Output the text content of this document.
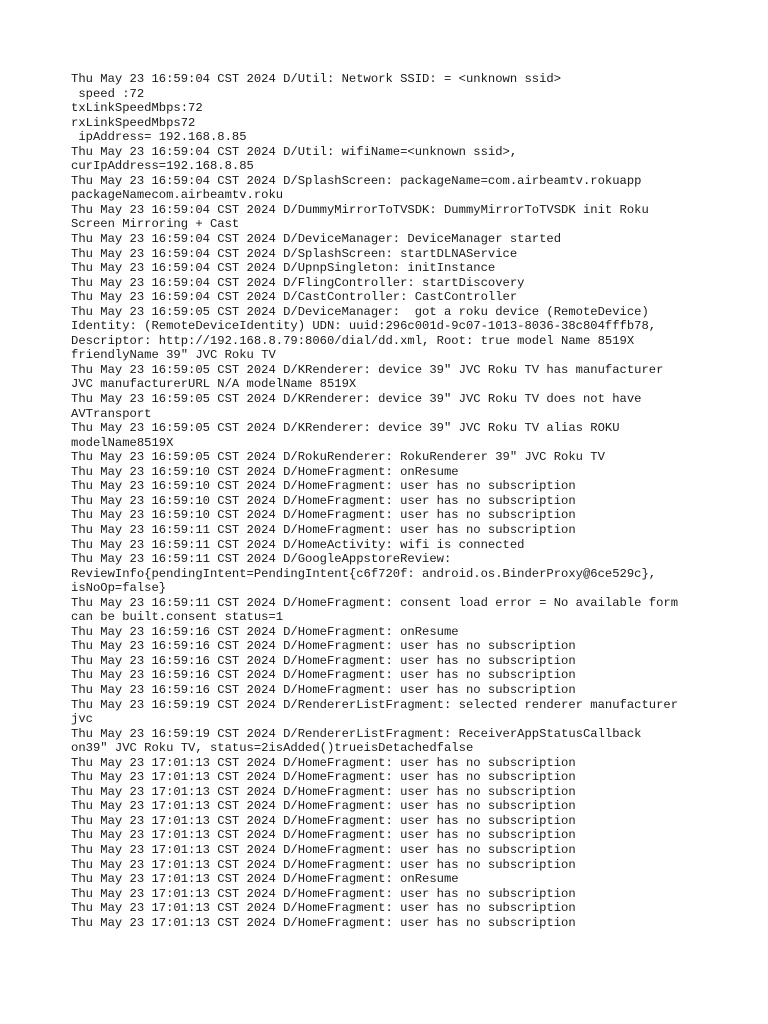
Thu May 23 16:59:04 CST 2024 D/Util: Network SSID: = <unknown ssid>
speed :72
txLinkSpeedMbps:72
rxLinkSpeedMbps72
ipAddress= 192.168.8.85
Thu May 23 16:59:04 CST 2024 D/Util: wifiName=<unknown ssid>,
curIpAddress=192.168.8.85
Thu May 23 16:59:04 CST 2024 D/SplashScreen: packageName=com.airbeamtv.rokuapp
packageNamecom.airbeamtv.roku
Thu May 23 16:59:04 CST 2024 D/DummyMirrorToTVSDK: DummyMirrorToTVSDK init Roku
Screen Mirroring + Cast
Thu May 23 16:59:04 CST 2024 D/DeviceManager: DeviceManager started
Thu May 23 16:59:04 CST 2024 D/SplashScreen: startDLNAService
Thu May 23 16:59:04 CST 2024 D/UpnpSingleton: initInstance
Thu May 23 16:59:04 CST 2024 D/FlingController: startDiscovery
Thu May 23 16:59:04 CST 2024 D/CastController: CastController
Thu May 23 16:59:05 CST 2024 D/DeviceManager:  got a roku device (RemoteDevice)
Identity: (RemoteDeviceIdentity) UDN: uuid:296c001d-9c07-1013-8036-38c804fffb78,
Descriptor: http://192.168.8.79:8060/dial/dd.xml, Root: true model Name 8519X
friendlyName 39" JVC Roku TV
Thu May 23 16:59:05 CST 2024 D/KRenderer: device 39" JVC Roku TV has manufacturer
JVC manufacturerURL N/A modelName 8519X
Thu May 23 16:59:05 CST 2024 D/KRenderer: device 39" JVC Roku TV does not have
AVTransport
Thu May 23 16:59:05 CST 2024 D/KRenderer: device 39" JVC Roku TV alias ROKU
modelName8519X
Thu May 23 16:59:05 CST 2024 D/RokuRenderer: RokuRenderer 39" JVC Roku TV
Thu May 23 16:59:10 CST 2024 D/HomeFragment: onResume
Thu May 23 16:59:10 CST 2024 D/HomeFragment: user has no subscription
Thu May 23 16:59:10 CST 2024 D/HomeFragment: user has no subscription
Thu May 23 16:59:10 CST 2024 D/HomeFragment: user has no subscription
Thu May 23 16:59:11 CST 2024 D/HomeFragment: user has no subscription
Thu May 23 16:59:11 CST 2024 D/HomeActivity: wifi is connected
Thu May 23 16:59:11 CST 2024 D/GoogleAppstoreReview:
ReviewInfo{pendingIntent=PendingIntent{c6f720f: android.os.BinderProxy@6ce529c},
isNoOp=false}
Thu May 23 16:59:11 CST 2024 D/HomeFragment: consent load error = No available form
can be built.consent status=1
Thu May 23 16:59:16 CST 2024 D/HomeFragment: onResume
Thu May 23 16:59:16 CST 2024 D/HomeFragment: user has no subscription
Thu May 23 16:59:16 CST 2024 D/HomeFragment: user has no subscription
Thu May 23 16:59:16 CST 2024 D/HomeFragment: user has no subscription
Thu May 23 16:59:16 CST 2024 D/HomeFragment: user has no subscription
Thu May 23 16:59:19 CST 2024 D/RendererListFragment: selected renderer manufacturer
jvc
Thu May 23 16:59:19 CST 2024 D/RendererListFragment: ReceiverAppStatusCallback
on39" JVC Roku TV, status=2isAdded()trueisDetachedfalse
Thu May 23 17:01:13 CST 2024 D/HomeFragment: user has no subscription
Thu May 23 17:01:13 CST 2024 D/HomeFragment: user has no subscription
Thu May 23 17:01:13 CST 2024 D/HomeFragment: user has no subscription
Thu May 23 17:01:13 CST 2024 D/HomeFragment: user has no subscription
Thu May 23 17:01:13 CST 2024 D/HomeFragment: user has no subscription
Thu May 23 17:01:13 CST 2024 D/HomeFragment: user has no subscription
Thu May 23 17:01:13 CST 2024 D/HomeFragment: user has no subscription
Thu May 23 17:01:13 CST 2024 D/HomeFragment: user has no subscription
Thu May 23 17:01:13 CST 2024 D/HomeFragment: onResume
Thu May 23 17:01:13 CST 2024 D/HomeFragment: user has no subscription
Thu May 23 17:01:13 CST 2024 D/HomeFragment: user has no subscription
Thu May 23 17:01:13 CST 2024 D/HomeFragment: user has no subscription
